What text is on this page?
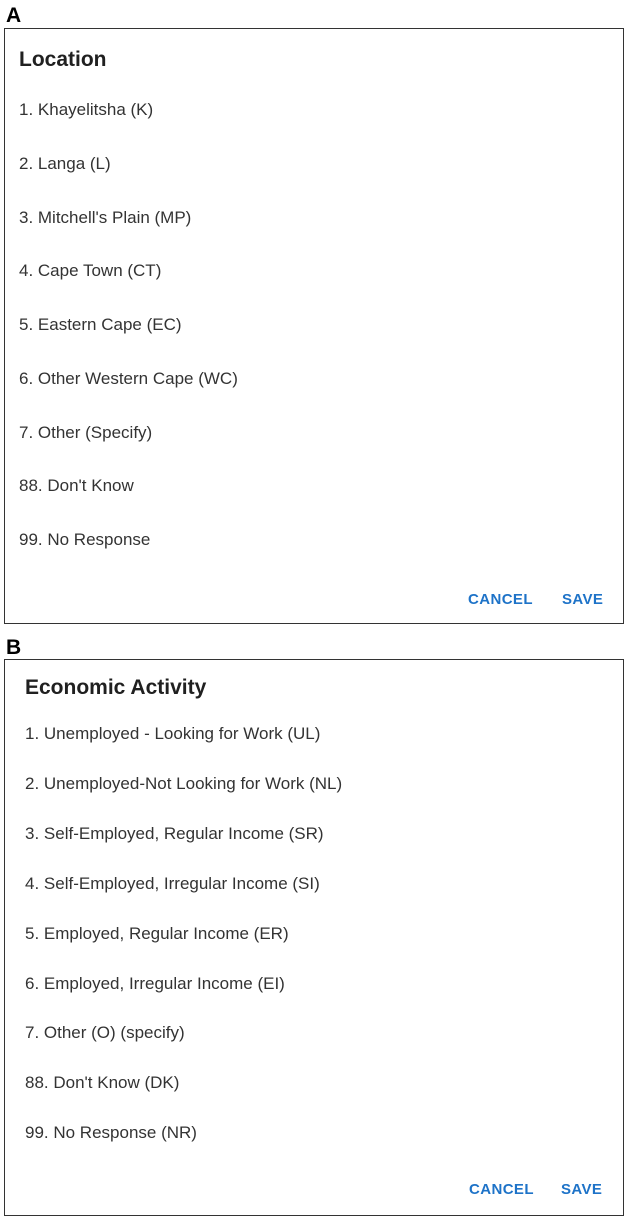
A
Location
1. Khayelitsha (K)
2. Langa (L)
3. Mitchell's Plain (MP)
4. Cape Town (CT)
5. Eastern Cape (EC)
6. Other Western Cape (WC)
7. Other (Specify)
88. Don't Know
99. No Response
CANCEL SAVE
B
Economic Activity
1. Unemployed - Looking for Work (UL)
2. Unemployed-Not Looking for Work (NL)
3. Self-Employed, Regular Income (SR)
4. Self-Employed, Irregular Income (SI)
5. Employed, Regular Income (ER)
6. Employed, Irregular Income (EI)
7. Other (O) (specify)
88. Don't Know (DK)
99. No Response (NR)
CANCEL SAVE
